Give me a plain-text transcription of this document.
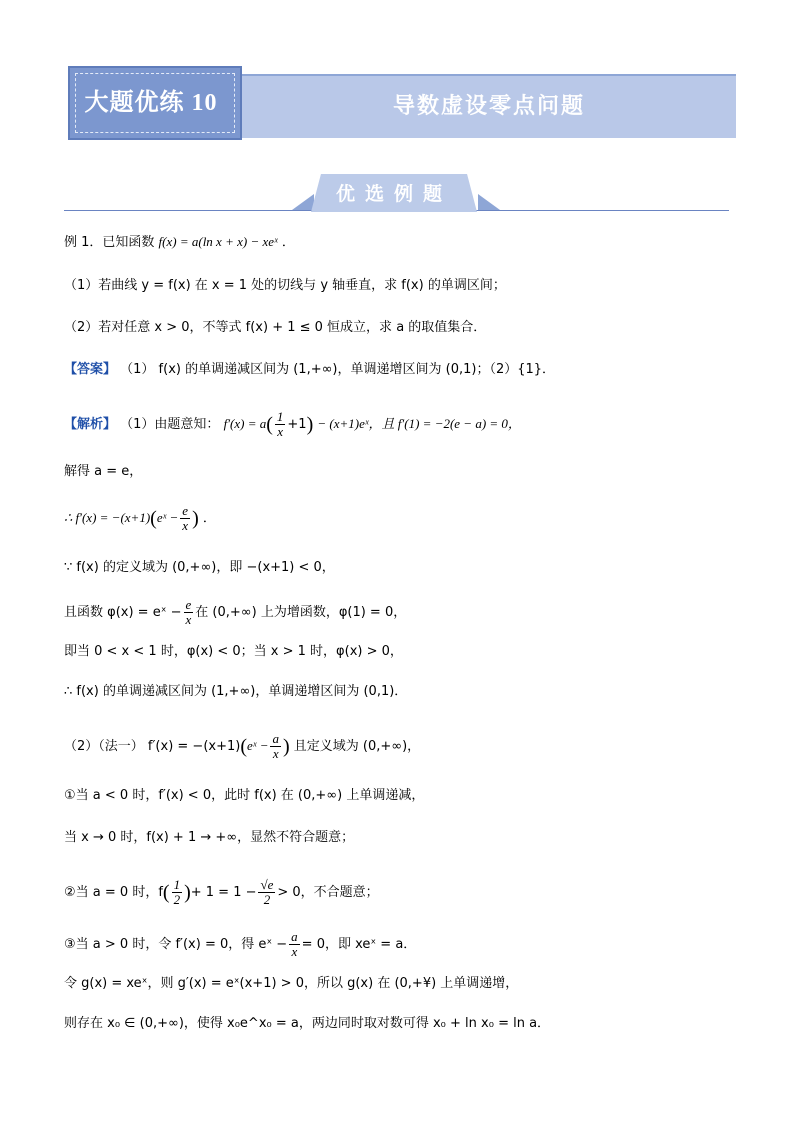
大题优练 10	导数虚设零点问题
优选例题
例 1．已知函数 f(x) = a(ln x + x) − xeˣ ．
（1）若曲线 y = f(x) 在 x = 1 处的切线与 y 轴垂直，求 f(x) 的单调区间；
（2）若对任意 x > 0，不等式 f(x) + 1 ≤ 0 恒成立，求 a 的取值集合．
【答案】 （1） f(x) 的单调递减区间为 (1,+∞)，单调递增区间为 (0,1)；（2）{1}．
【解析】 （1）由题意知： $f'(x) = a( \frac{1}{x} +1)$ − (x+1)eˣ，且 f′(1) = −2(e − a) = 0，
解得 a = e，
∴ f′(x) = −(x+1)(eˣ − $\frac{e}{x}$ ) ．
∵ f(x) 的定义域为 (0,+∞)，即 −(x+1) < 0，
且函数 φ(x) = eˣ − $\frac{e}{x}$ 在 (0,+∞) 上为增函数，φ(1) = 0，
即当 0 < x < 1 时，φ(x) < 0；当 x > 1 时，φ(x) > 0，
∴ f(x) 的单调递减区间为 (1,+∞)，单调递增区间为 (0,1)．
（2）（法一） f′(x) = −(x+1)(eˣ − $\frac{a}{x}$ ) 且定义域为 (0,+∞)，
①当 a < 0 时，f′(x) < 0，此时 f(x) 在 (0,+∞) 上单调递减，
当 x → 0 时，f(x) + 1 → +∞，显然不符合题意；
②当 a = 0 时，$f( \frac{1}{2}$ )+ $1 = 1 - \frac{√e}{2} > 0$，不合题意；
③当 a > 0 时，令 f′(x) = 0，得 eˣ − $\frac{a}{x} = 0$，即 xeˣ = a．
令 g(x) = xeˣ，则 g′(x) = eˣ(x+1) > 0，所以 g(x) 在 (0,+¥) 上单调递增，
则存在 x₀ ∈ (0,+∞)，使得 x₀e^x₀ = a，两边同时取对数可得 x₀ + ln x₀ = ln a．
